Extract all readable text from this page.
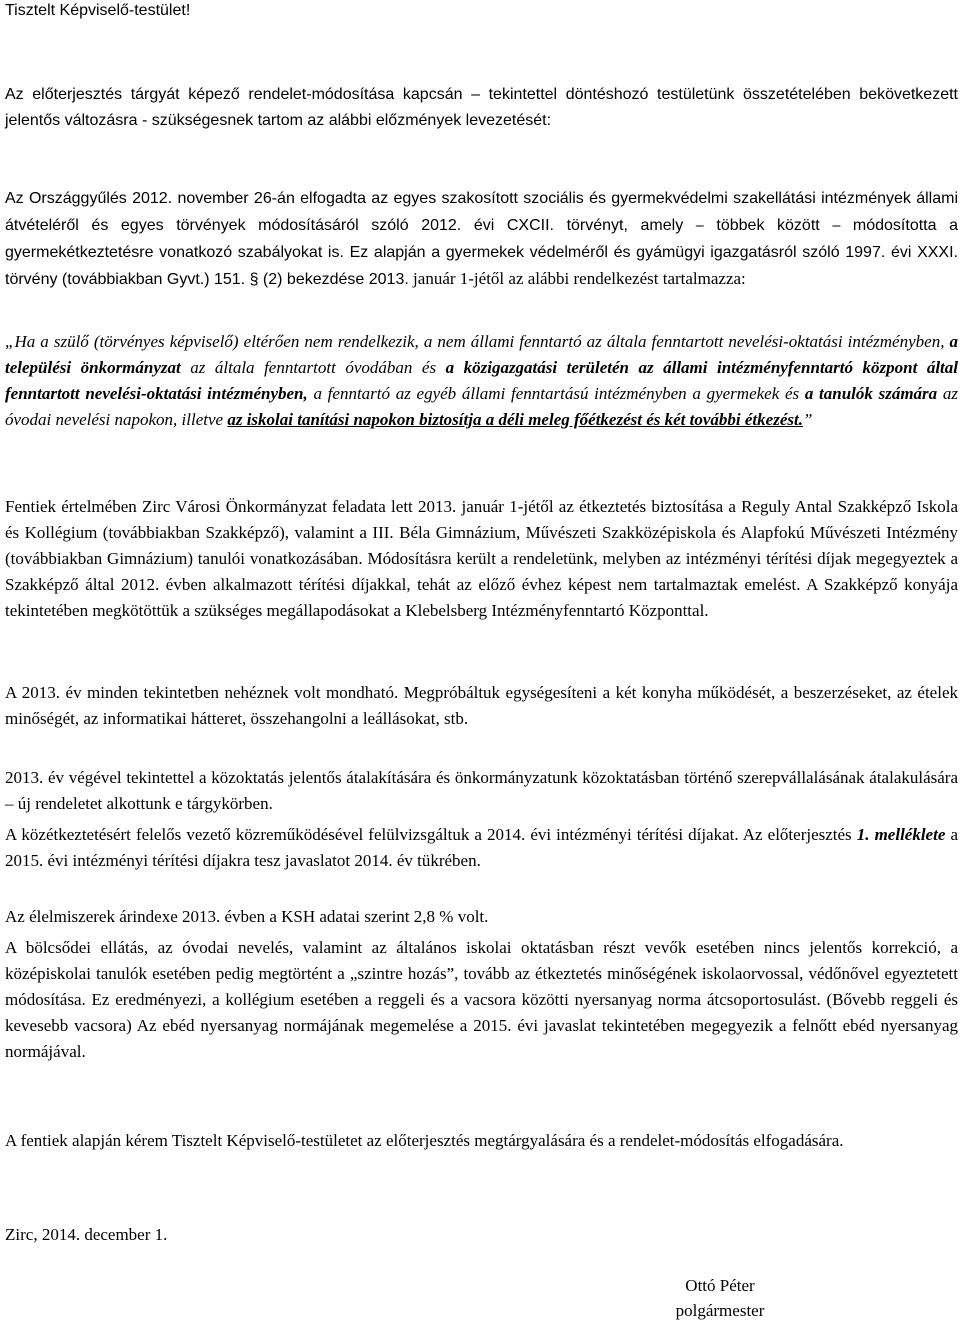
Tisztelt Képviselő-testület!

Az előterjesztés tárgyát képező rendelet-módosítása kapcsán – tekintettel döntéshozó testületünk összetételében bekövetkezett jelentős változásra - szükségesnek tartom az alábbi előzmények levezetését:

Az Országgyűlés 2012. november 26-án elfogadta az egyes szakosított szociális és gyermekvédelmi szakellátási intézmények állami átvételéről és egyes törvények módosításáról szóló 2012. évi CXCII. törvényt, amely ⎯ többek között ⎯ módosította a gyermekétkeztetésre vonatkozó szabályokat is. Ez alapján a gyermekek védelméről és gyámügyi igazgatásról szóló 1997. évi XXXI. törvény (továbbiakban Gyvt.) 151. § (2) bekezdése 2013. január 1-jétől az alábbi rendelkezést tartalmazza:

„Ha a szülő (törvényes képviselő) eltérően nem rendelkezik, a nem állami fenntartó az általa fenntartott nevelési-oktatási intézményben, a települési önkormányzat az általa fenntartott óvodában és a közigazgatási területén az állami intézményfenntartó központ által fenntartott nevelési-oktatási intézményben, a fenntartó az egyéb állami fenntartású intézményben a gyermekek és a tanulók számára az óvodai nevelési napokon, illetve az iskolai tanítási napokon biztosítja a déli meleg főétkezést és két további étkezést.”

Fentiek értelmében Zirc Városi Önkormányzat feladata lett 2013. január 1-jétől az étkeztetés biztosítása a Reguly Antal Szakképző Iskola és Kollégium (továbbiakban Szakképző), valamint a III. Béla Gimnázium, Művészeti Szakközépiskola és Alapfokú Művészeti Intézmény (továbbiakban Gimnázium) tanulói vonatkozásában. Módosításra került a rendeletünk, melyben az intézményi térítési díjak megegyeztek a Szakképző által 2012. évben alkalmazott térítési díjakkal, tehát az előző évhez képest nem tartalmaztak emelést. A Szakképző konyája tekintetében megkötöttük a szükséges megállapodásokat a Klebelsberg Intézményfenntartó Központtal.

A 2013. év minden tekintetben nehéznek volt mondható. Megpróbáltuk egységesíteni a két konyha működését, a beszerzéseket, az ételek minőségét, az informatikai hátteret, összehangolni a leállásokat, stb.

2013. év végével tekintettel a közoktatás jelentős átalakítására és önkormányzatunk közoktatásban történő szerepvállalásának átalakulására – új rendeletet alkottunk e tárgykörben.

A közétkeztetésért felelős vezető közreműködésével felülvizsgáltuk a 2014. évi intézményi térítési díjakat. Az előterjesztés 1. melléklete a 2015. évi intézményi térítési díjakra tesz javaslatot 2014. év tükrében.

Az élelmiszerek árindexe 2013. évben a KSH adatai szerint 2,8 % volt.

A bölcsődei ellátás, az óvodai nevelés, valamint az általános iskolai oktatásban részt vevők esetében nincs jelentős korrekció, a középiskolai tanulók esetében pedig megtörtént a „szintre hozás”, tovább az étkeztetés minőségének iskolaorvossal, védőnővel egyeztetett módosítása. Ez eredményezi, a kollégium esetében a reggeli és a vacsora közötti nyersanyag norma átcsoportosulást. (Bővebb reggeli és kevesebb vacsora) Az ebéd nyersanyag normájának megemelése a 2015. évi javaslat tekintetében megegyezik a felnőtt ebéd nyersanyag normájával.

A fentiek alapján kérem Tisztelt Képviselő-testületet az előterjesztés megtárgyalására és a rendelet-módosítás elfogadására.

Zirc, 2014. december 1.

Ottó Péter
polgármester
